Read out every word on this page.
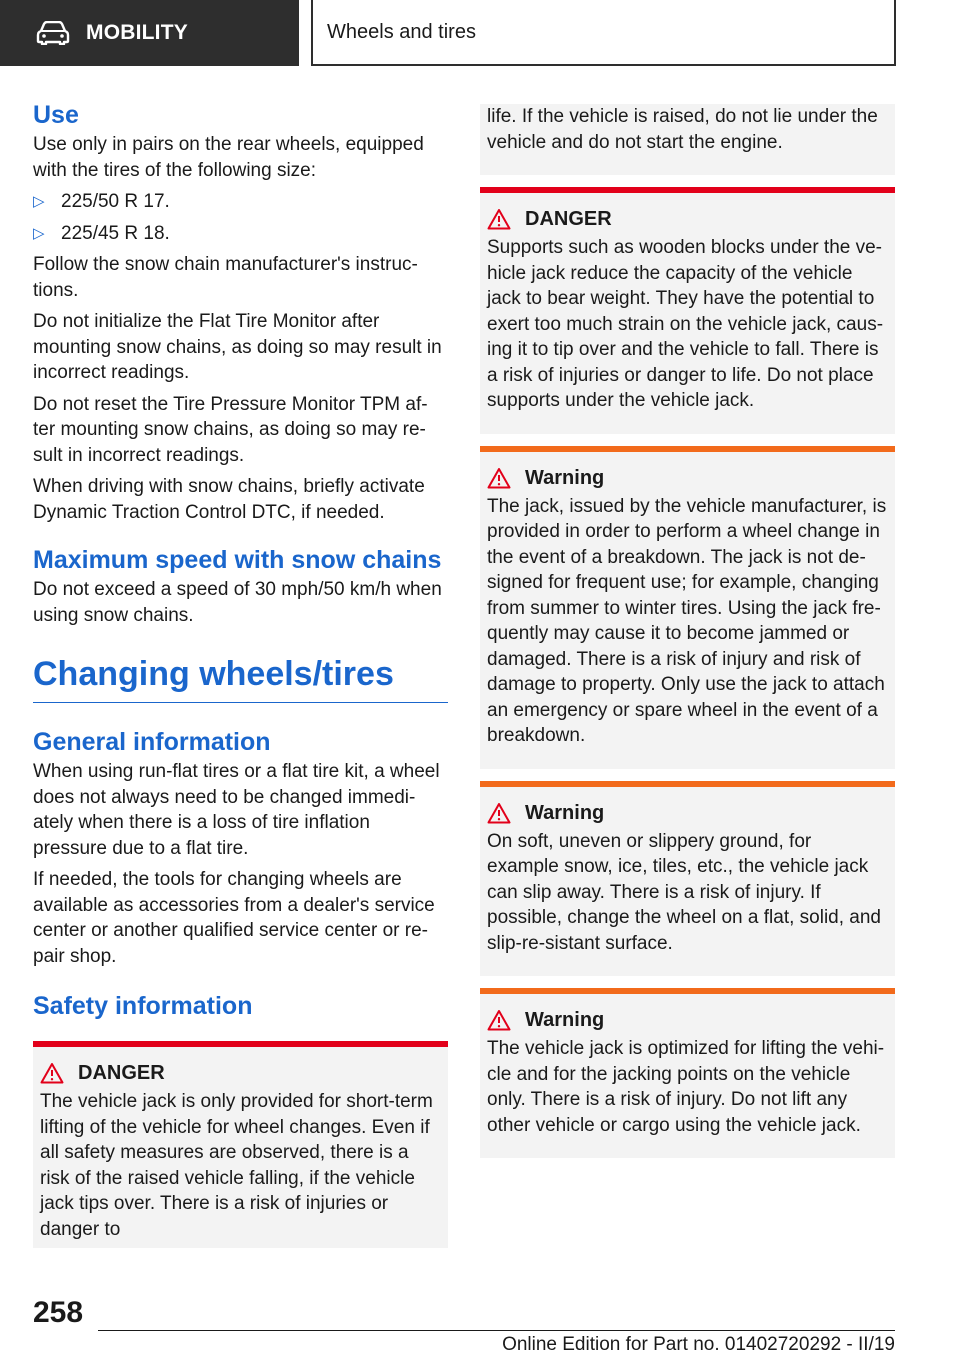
MOBILITY	Wheels and tires
Use

Use only in pairs on the rear wheels, equipped with the tires of the following size:

▷ 225/50 R 17.
▷ 225/45 R 18.

Follow the snow chain manufacturer's instruc-tions.

Do not initialize the Flat Tire Monitor after mounting snow chains, as doing so may result in incorrect readings.

Do not reset the Tire Pressure Monitor TPM af-ter mounting snow chains, as doing so may re-sult in incorrect readings.

When driving with snow chains, briefly activate Dynamic Traction Control DTC, if needed.

Maximum speed with snow chains

Do not exceed a speed of 30 mph/50 km/h when using snow chains.

Changing wheels/tires
General information

When using run-flat tires or a flat tire kit, a wheel does not always need to be changed immedi-ately when there is a loss of tire inflation pressure due to a flat tire.

If needed, the tools for changing wheels are available as accessories from a dealer's service center or another qualified service center or re-pair shop.

Safety information
DANGER

The vehicle jack is only provided for short-term lifting of the vehicle for wheel changes. Even if all safety measures are observed, there is a risk of the raised vehicle falling, if the vehicle jack tips over. There is a risk of injuries or danger to

life. If the vehicle is raised, do not lie under the vehicle and do not start the engine.

DANGER

Supports such as wooden blocks under the ve-hicle jack reduce the capacity of the vehicle jack to bear weight. They have the potential to exert too much strain on the vehicle jack, caus-ing it to tip over and the vehicle to fall. There is a risk of injuries or danger to life. Do not place supports under the vehicle jack.

Warning

The jack, issued by the vehicle manufacturer, is provided in order to perform a wheel change in the event of a breakdown. The jack is not de-signed for frequent use; for example, changing from summer to winter tires. Using the jack fre-quently may cause it to become jammed or damaged. There is a risk of injury and risk of damage to property. Only use the jack to attach an emergency or spare wheel in the event of a breakdown.

Warning

On soft, uneven or slippery ground, for example snow, ice, tiles, etc., the vehicle jack can slip away. There is a risk of injury. If possible, change the wheel on a flat, solid, and slip-re-sistant surface.

Warning

The vehicle jack is optimized for lifting the vehi-cle and for the jacking points on the vehicle only. There is a risk of injury. Do not lift any other vehicle or cargo using the vehicle jack.

258
Online Edition for Part no. 01402720292 - II/19
